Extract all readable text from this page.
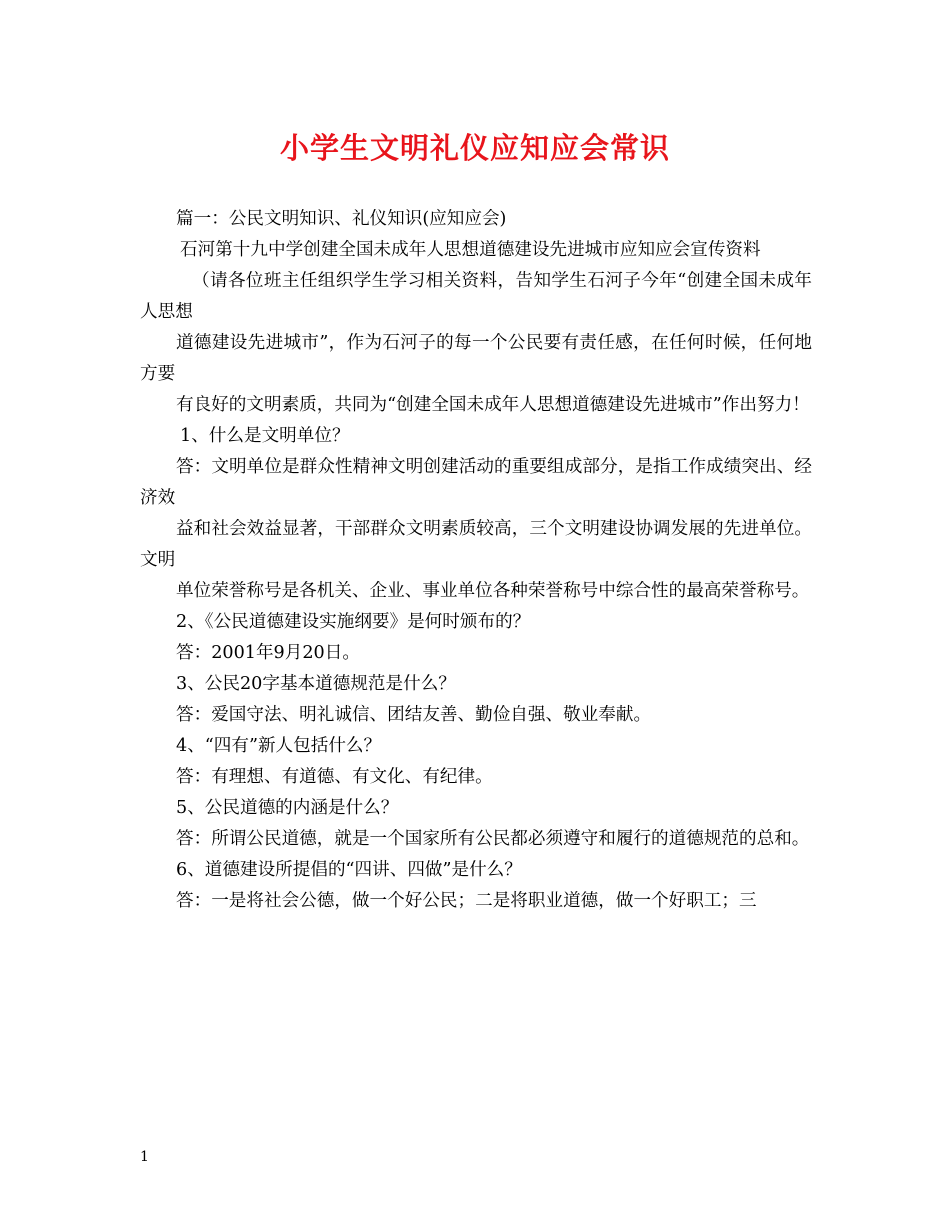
小学生文明礼仪应知应会常识

篇一：公民文明知识、礼仪知识(应知应会)

石河第十九中学创建全国未成年人思想道德建设先进城市应知应会宣传资料

（请各位班主任组织学生学习相关资料，告知学生石河子今年“创建全国未成年人思想

道德建设先进城市”，作为石河子的每一个公民要有责任感，在任何时候，任何地方要

有良好的文明素质，共同为“创建全国未成年人思想道德建设先进城市”作出努力！

1、什么是文明单位？

答：文明单位是群众性精神文明创建活动的重要组成部分，是指工作成绩突出、经济效

益和社会效益显著，干部群众文明素质较高，三个文明建设协调发展的先进单位。文明

单位荣誉称号是各机关、企业、事业单位各种荣誉称号中综合性的最高荣誉称号。

2、《公民道德建设实施纲要》是何时颁布的？

答：2001年9月20日。

3、公民20字基本道德规范是什么？

答：爱国守法、明礼诚信、团结友善、勤俭自强、敬业奉献。

4、“四有”新人包括什么？

答：有理想、有道德、有文化、有纪律。

5、公民道德的内涵是什么？

答：所谓公民道德，就是一个国家所有公民都必须遵守和履行的道德规范的总和。

6、道德建设所提倡的“四讲、四做”是什么？

答：一是将社会公德，做一个好公民；二是将职业道德，做一个好职工；三

1
